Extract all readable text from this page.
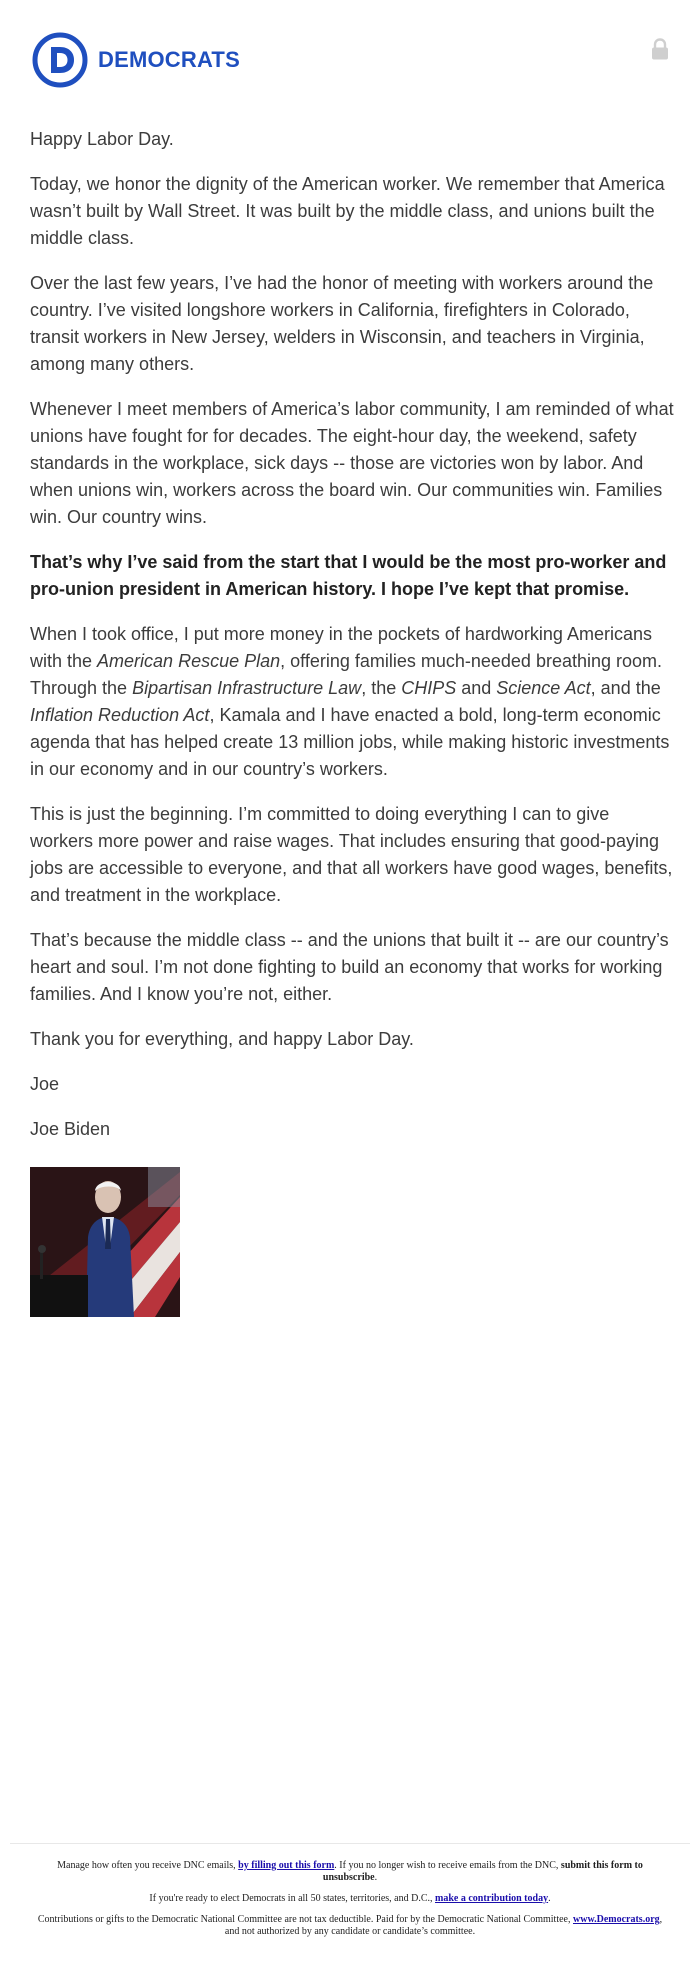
DEMOCRATS

Happy Labor Day.

Today, we honor the dignity of the American worker. We remember that America wasn’t built by Wall Street. It was built by the middle class, and unions built the middle class.

Over the last few years, I’ve had the honor of meeting with workers around the country. I’ve visited longshore workers in California, firefighters in Colorado, transit workers in New Jersey, welders in Wisconsin, and teachers in Virginia, among many others.

Whenever I meet members of America’s labor community, I am reminded of what unions have fought for for decades. The eight-hour day, the weekend, safety standards in the workplace, sick days -- those are victories won by labor. And when unions win, workers across the board win. Our communities win. Families win. Our country wins.

That’s why I’ve said from the start that I would be the most pro-worker and pro-union president in American history. I hope I’ve kept that promise.

When I took office, I put more money in the pockets of hardworking Americans with the American Rescue Plan, offering families much-needed breathing room. Through the Bipartisan Infrastructure Law, the CHIPS and Science Act, and the Inflation Reduction Act, Kamala and I have enacted a bold, long-term economic agenda that has helped create 13 million jobs, while making historic investments in our economy and in our country’s workers.

This is just the beginning. I’m committed to doing everything I can to give workers more power and raise wages. That includes ensuring that good-paying jobs are accessible to everyone, and that all workers have good wages, benefits, and treatment in the workplace.

That’s because the middle class -- and the unions that built it -- are our country’s heart and soul. I’m not done fighting to build an economy that works for working families. And I know you’re not, either.

Thank you for everything, and happy Labor Day.

Joe

Joe Biden

Manage how often you receive DNC emails, by filling out this form. If you no longer wish to receive emails from the DNC, submit this form to unsubscribe.

If you're ready to elect Democrats in all 50 states, territories, and D.C., make a contribution today.

Contributions or gifts to the Democratic National Committee are not tax deductible. Paid for by the Democratic National Committee, www.Democrats.org, and not authorized by any candidate or candidate’s committee.
